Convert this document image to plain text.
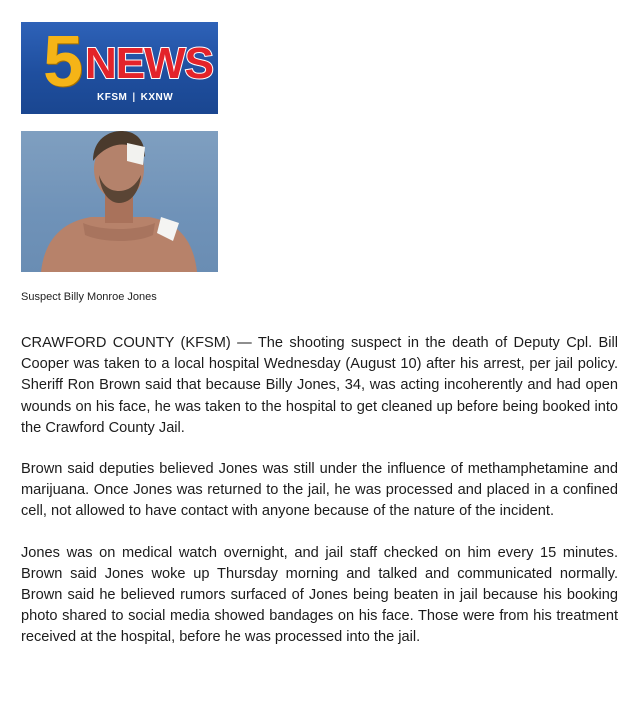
5 NEWS
KFSM | KXNW
Suspect Billy Monroe Jones

CRAWFORD COUNTY (KFSM) — The shooting suspect in the death of Deputy Cpl. Bill Cooper was taken to a local hospital Wednesday (August 10) after his arrest, per jail policy. Sheriff Ron Brown said that because Billy Jones, 34, was acting incoherently and had open wounds on his face, he was taken to the hospital to get cleaned up before being booked into the Crawford County Jail.

Brown said deputies believed Jones was still under the influence of methamphetamine and marijuana. Once Jones was returned to the jail, he was processed and placed in a confined cell, not allowed to have contact with anyone because of the nature of the incident.

Jones was on medical watch overnight, and jail staff checked on him every 15 minutes. Brown said Jones woke up Thursday morning and talked and communicated normally. Brown said he believed rumors surfaced of Jones being beaten in jail because his booking photo shared to social media showed bandages on his face. Those were from his treatment received at the hospital, before he was processed into the jail.
